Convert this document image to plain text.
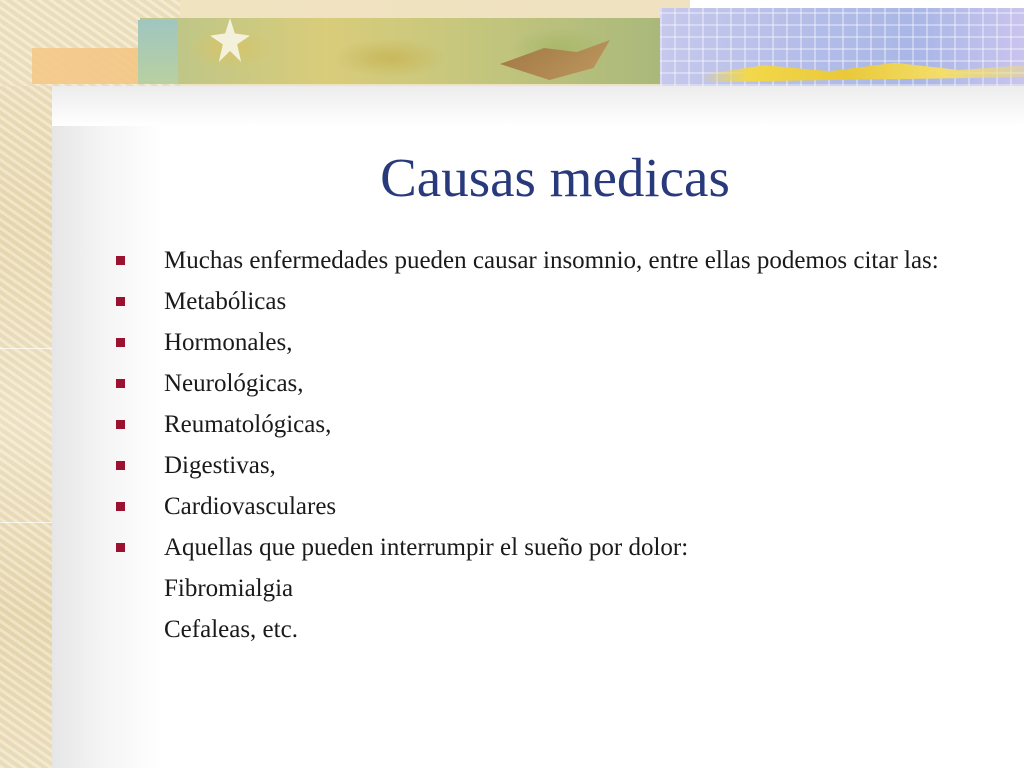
Causas medicas
Muchas enfermedades pueden causar insomnio, entre ellas podemos citar las:
Metabólicas
Hormonales,
Neurológicas,
Reumatológicas,
Digestivas,
Cardiovasculares
Aquellas que pueden interrumpir el sueño por dolor:
Fibromialgia
Cefaleas, etc.
